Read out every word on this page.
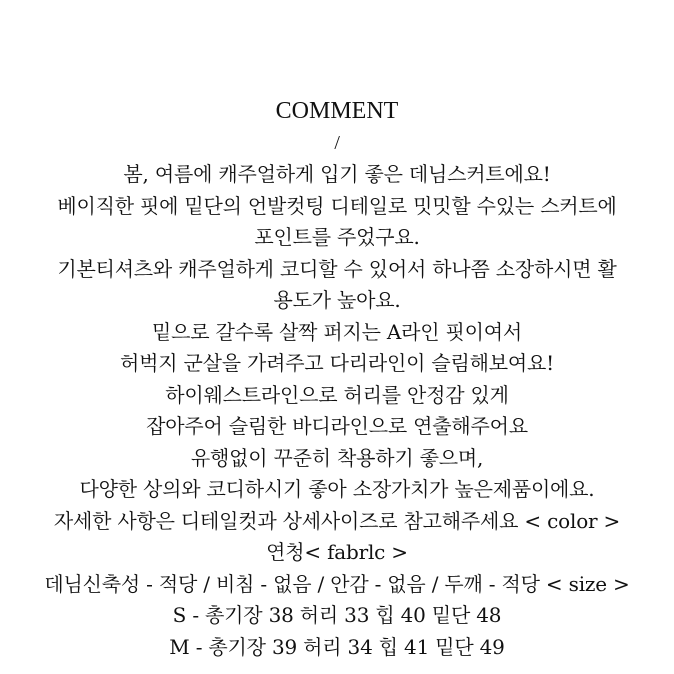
COMMENT
/
봄, 여름에 캐주얼하게 입기 좋은 데님스커트에요!
베이직한 핏에 밑단의 언발컷팅 디테일로 밋밋할 수있는 스커트에
포인트를 주었구요.
기본티셔츠와 캐주얼하게 코디할 수 있어서 하나쯤 소장하시면 활
용도가 높아요.
밑으로 갈수록 살짝 퍼지는 A라인 핏이여서
허벅지 군살을 가려주고 다리라인이 슬림해보여요!
하이웨스트라인으로 허리를 안정감 있게
잡아주어 슬림한 바디라인으로 연출해주어요
유행없이 꾸준히 착용하기 좋으며,
다양한 상의와 코디하시기 좋아 소장가치가 높은제품이에요.
자세한 사항은 디테일컷과 상세사이즈로 참고해주세요 < color >
연청< fabrlc >
데님신축성 - 적당 / 비침 - 없음 / 안감 - 없음 / 두깨 - 적당 < size >
S - 총기장 38 허리 33 힙 40 밑단 48
M - 총기장 39 허리 34 힙 41 밑단 49
